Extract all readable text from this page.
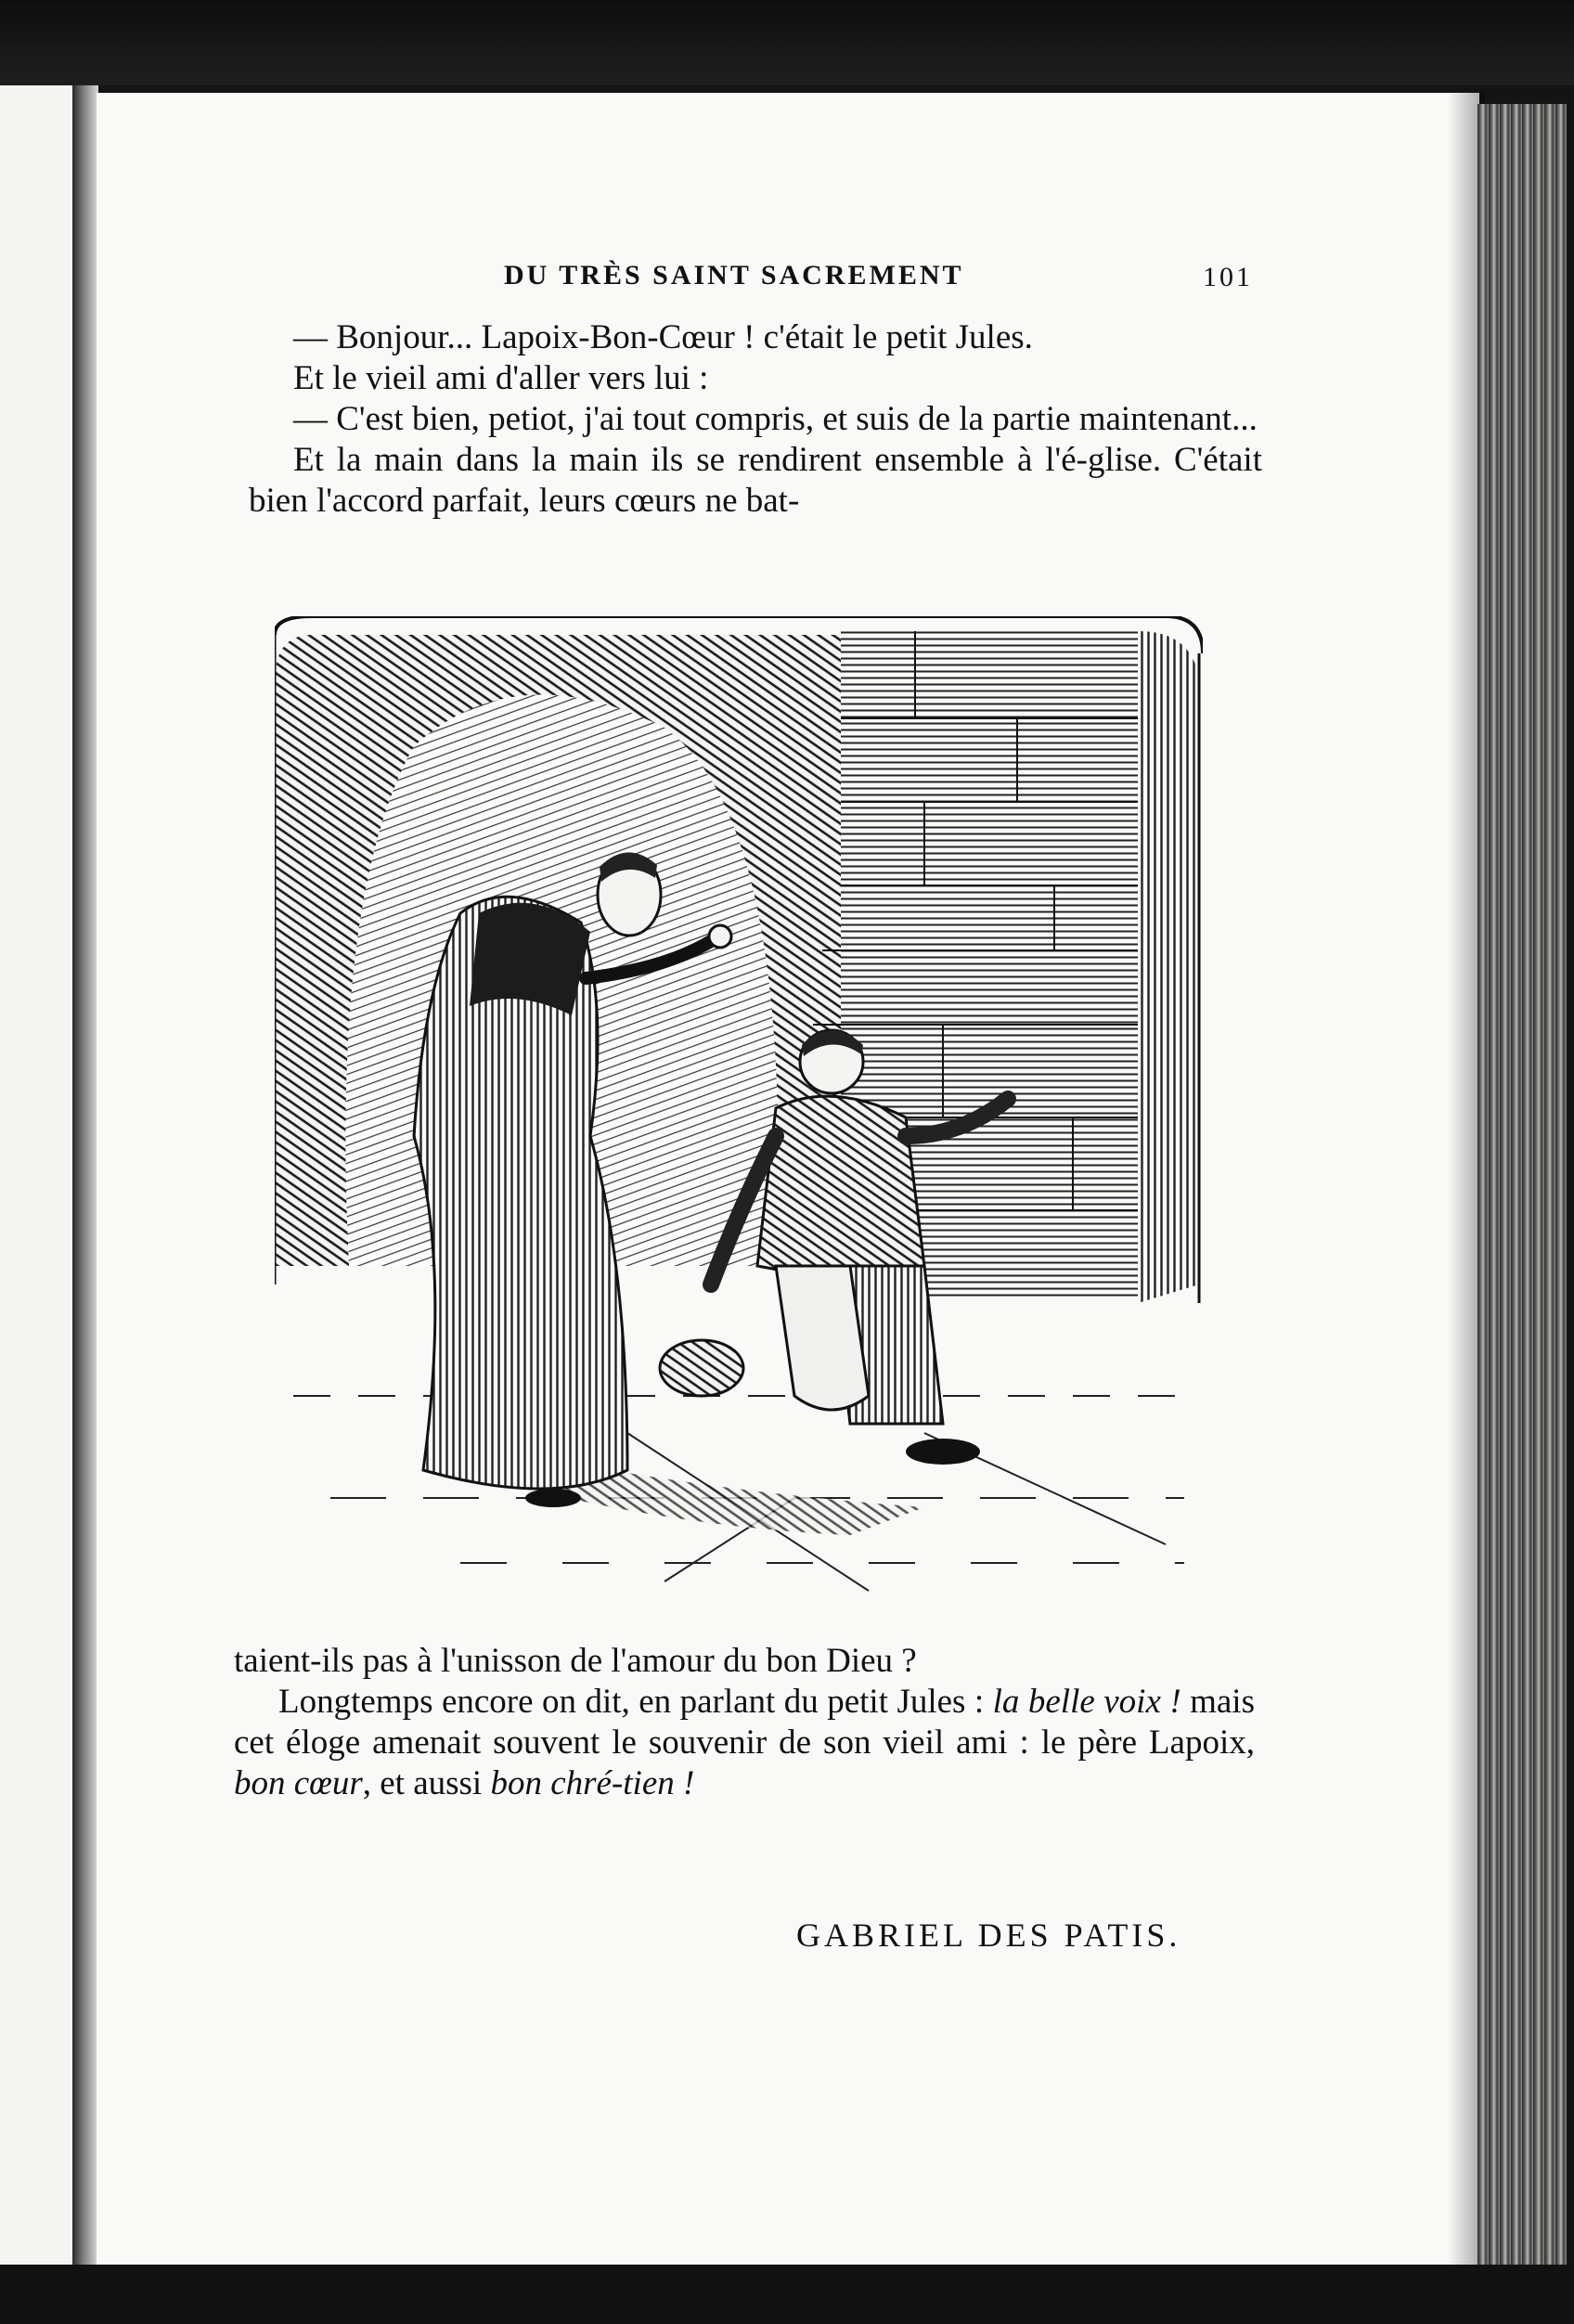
DU TRÈS SAINT SACREMENT	101

— Bonjour... Lapoix-Bon-Cœur ! c'était le petit Jules.

Et le vieil ami d'aller vers lui :

— C'est bien, petiot, j'ai tout compris, et suis de la partie maintenant...

Et la main dans la main ils se rendirent ensemble à l'é-glise. C'était bien l'accord parfait, leurs cœurs ne bat-

taient-ils pas à l'unisson de l'amour du bon Dieu ?

Longtemps encore on dit, en parlant du petit Jules : la belle voix ! mais cet éloge amenait souvent le souvenir de son vieil ami : le père Lapoix, bon cœur, et aussi bon chré-tien !

GABRIEL DES PATIS.
